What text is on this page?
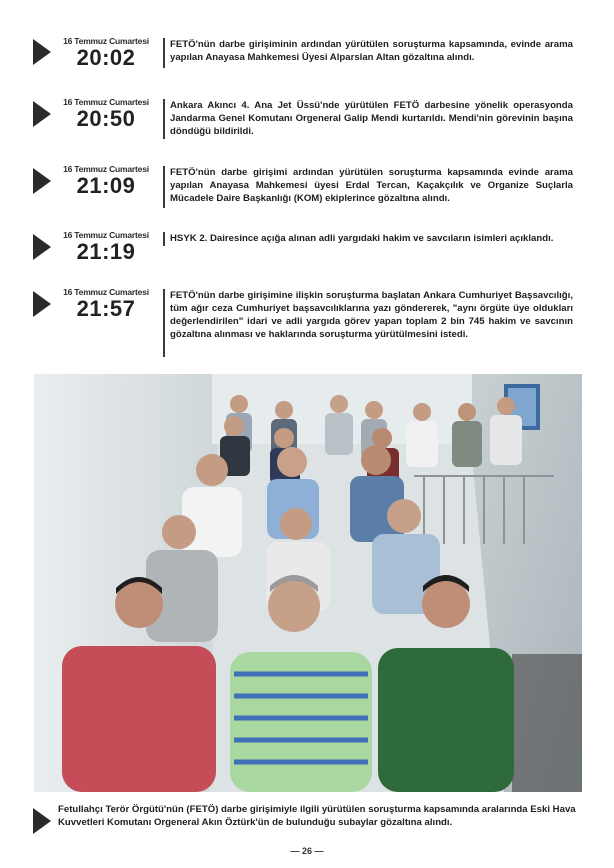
16 Temmuz Cumartesi
20:02
FETÖ'nün darbe girişiminin ardından yürütülen soruşturma kapsamında, evinde arama yapılan Anayasa Mahkemesi Üyesi Alparslan Altan gözaltına alındı.
16 Temmuz Cumartesi
20:50
Ankara Akıncı 4. Ana Jet Üssü'nde yürütülen FETÖ darbesine yönelik operasyonda Jandarma Genel Komutanı Orgeneral Galip Mendi kurtarıldı. Mendi'nin görevinin başına döndüğü bildirildi.
16 Temmuz Cumartesi
21:09
FETÖ'nün darbe girişimi ardından yürütülen soruşturma kapsamında evinde arama yapılan Anayasa Mahkemesi üyesi Erdal Tercan, Kaçakçılık ve Organize Suçlarla Mücadele Daire Başkanlığı (KOM) ekiplerince gözaltına alındı.
16 Temmuz Cumartesi
21:19
HSYK 2. Dairesince açığa alınan adli yargıdaki hakim ve savcıların isimleri açıklandı.
16 Temmuz Cumartesi
21:57
FETÖ'nün darbe girişimine ilişkin soruşturma başlatan Ankara Cumhuriyet Başsavcılığı, tüm ağır ceza Cumhuriyet başsavcılıklarına yazı göndererek, "aynı örgüte üye oldukları değerlendirilen" idari ve adli yargıda görev yapan toplam 2 bin 745 hakim ve savcının gözaltına alınması ve haklarında soruşturma yürütülmesini istedi.
Fetullahçı Terör Örgütü'nün (FETÖ) darbe girişimiyle ilgili yürütülen soruşturma kapsamında aralarında Eski Hava Kuvvetleri Komutanı Orgeneral Akın Öztürk'ün de bulunduğu subaylar gözaltına alındı.
— 26 —
